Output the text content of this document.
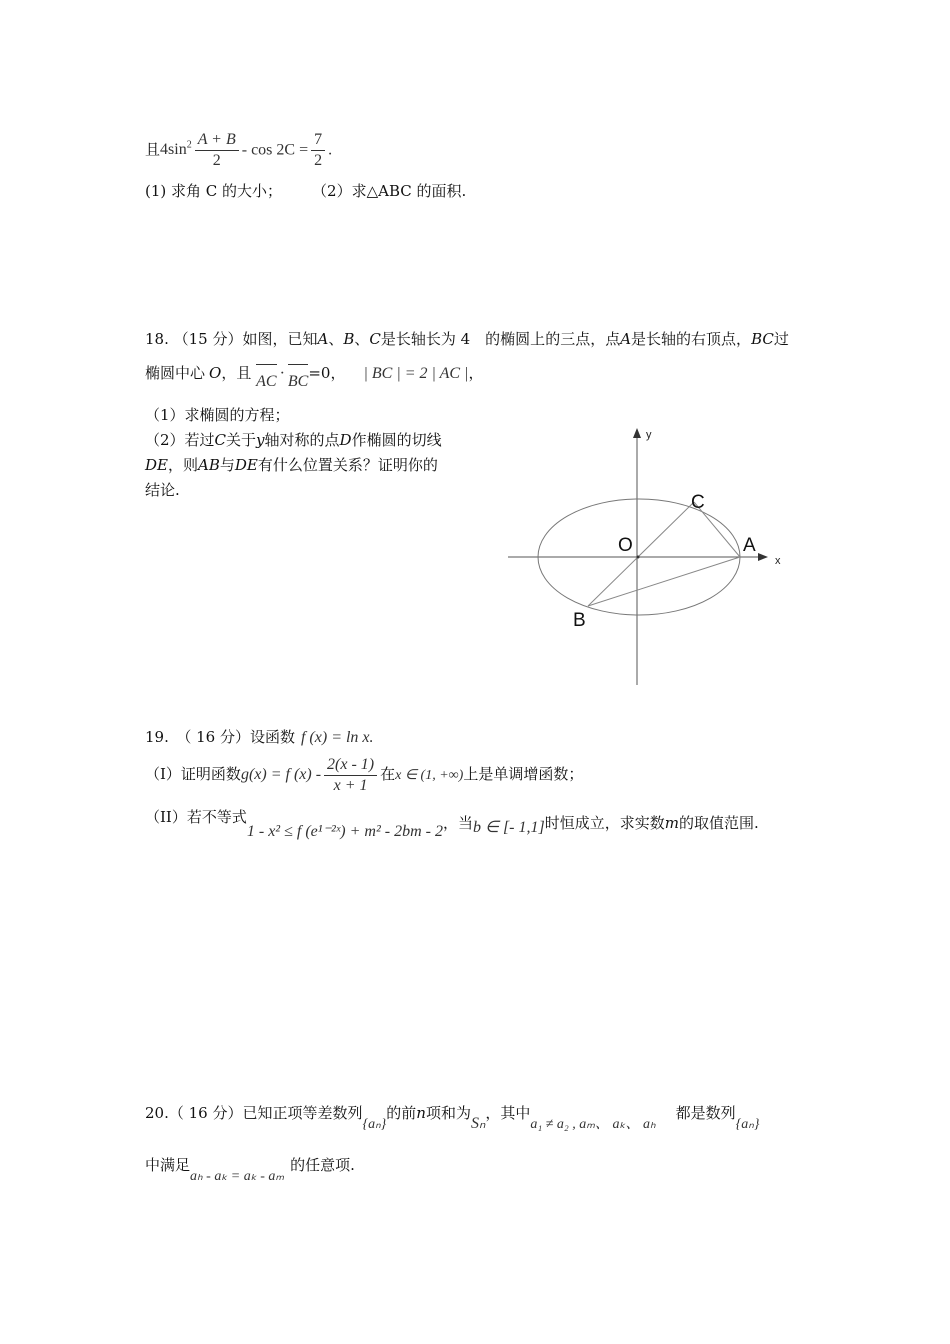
且$4\sin^2 \frac{A + B}{2} - \cos 2C = \frac{7}{2}$ .
(1) 求角 C 的大小； （2）求△ABC 的面积.
18. （15 分）如图，已知A、B、C是长轴长为 4　的椭圆上的三点，点A是长轴的右顶点，BC过
椭圆中心 O，且 AC · BC=0， | BC | = 2 | AC |，
（1）求椭圆的方程；
（2）若过C关于y轴对称的点D作椭圆的切线
DE，则AB与DE有什么位置关系？证明你的
结论.
y
x
O	A
B
C
19.　（ 16 分）设函数 f (x) = ln x.
（I）证明函数g(x) = f $(x) - \frac{2(x - 1)}{x + 1}$ 在x ∈ (1, +∞)上是单调增函数；
（II）若不等式1 - x² ≤ f (e¹⁻²ˣ) + m² - 2bm - 2，当b ∈ [- 1,1]时恒成立，求实数m的取值范围.
20.（ 16 分）已知正项等差数列{aₙ}的前n项和为Sₙ，其中a₁ ≠ a₂ , aₘ、 aₖ、 aₕ都是数列{aₙ}
中满足aₕ - aₖ = aₖ - aₘ的任意项.
